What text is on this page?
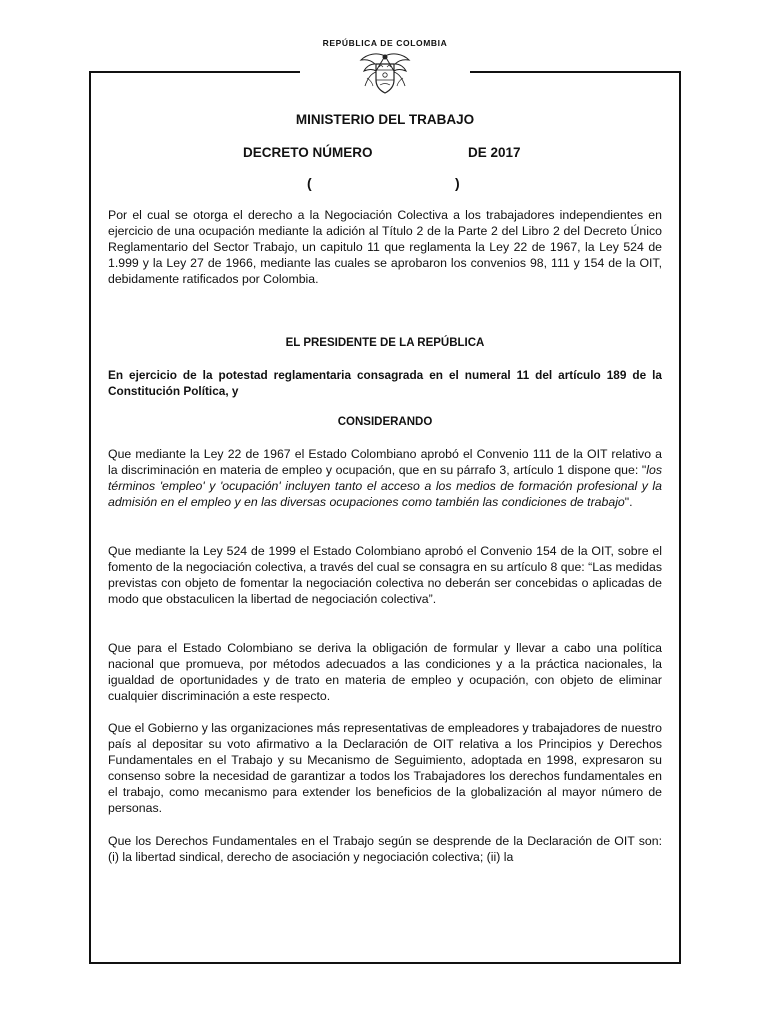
REPÚBLICA DE COLOMBIA
MINISTERIO DEL TRABAJO
DECRETO NÚMERO	DE 2017
(	)
Por el cual se otorga el derecho a la Negociación Colectiva a los trabajadores independientes en ejercicio de una ocupación mediante la adición al Título 2 de la Parte 2 del Libro 2 del Decreto Único Reglamentario del Sector Trabajo, un capitulo 11 que reglamenta la Ley 22 de 1967, la Ley 524 de 1.999 y la Ley 27 de 1966, mediante las cuales se aprobaron los convenios 98, 111 y 154 de la OIT, debidamente ratificados por Colombia.
EL PRESIDENTE DE LA REPÚBLICA
En ejercicio de la potestad reglamentaria consagrada en el numeral 11 del artículo 189 de la Constitución Política, y
CONSIDERANDO
Que mediante la Ley 22 de 1967 el Estado Colombiano aprobó el Convenio 111 de la OIT relativo a la discriminación en materia de empleo y ocupación, que en su párrafo 3, artículo 1 dispone que: "los términos 'empleo' y 'ocupación' incluyen tanto el acceso a los medios de formación profesional y la admisión en el empleo y en las diversas ocupaciones como también las condiciones de trabajo".
Que mediante la Ley 524 de 1999 el Estado Colombiano aprobó el Convenio 154 de la OIT, sobre el fomento de la negociación colectiva, a través del cual se consagra en su artículo 8 que: “Las medidas previstas con objeto de fomentar la negociación colectiva no deberán ser concebidas o aplicadas de modo que obstaculicen la libertad de negociación colectiva”.
Que para el Estado Colombiano se deriva la obligación de formular y llevar a cabo una política nacional que promueva, por métodos adecuados a las condiciones y a la práctica nacionales, la igualdad de oportunidades y de trato en materia de empleo y ocupación, con objeto de eliminar cualquier discriminación a este respecto.
Que el Gobierno y las organizaciones más representativas de empleadores y trabajadores de nuestro país al depositar su voto afirmativo a la Declaración de OIT relativa a los Principios y Derechos Fundamentales en el Trabajo y su Mecanismo de Seguimiento, adoptada en 1998, expresaron su consenso sobre la necesidad de garantizar a todos los Trabajadores los derechos fundamentales en el trabajo, como mecanismo para extender los beneficios de la globalización al mayor número de personas.
Que los Derechos Fundamentales en el Trabajo según se desprende de la Declaración de OIT son: (i) la libertad sindical, derecho de asociación y negociación colectiva; (ii) la
